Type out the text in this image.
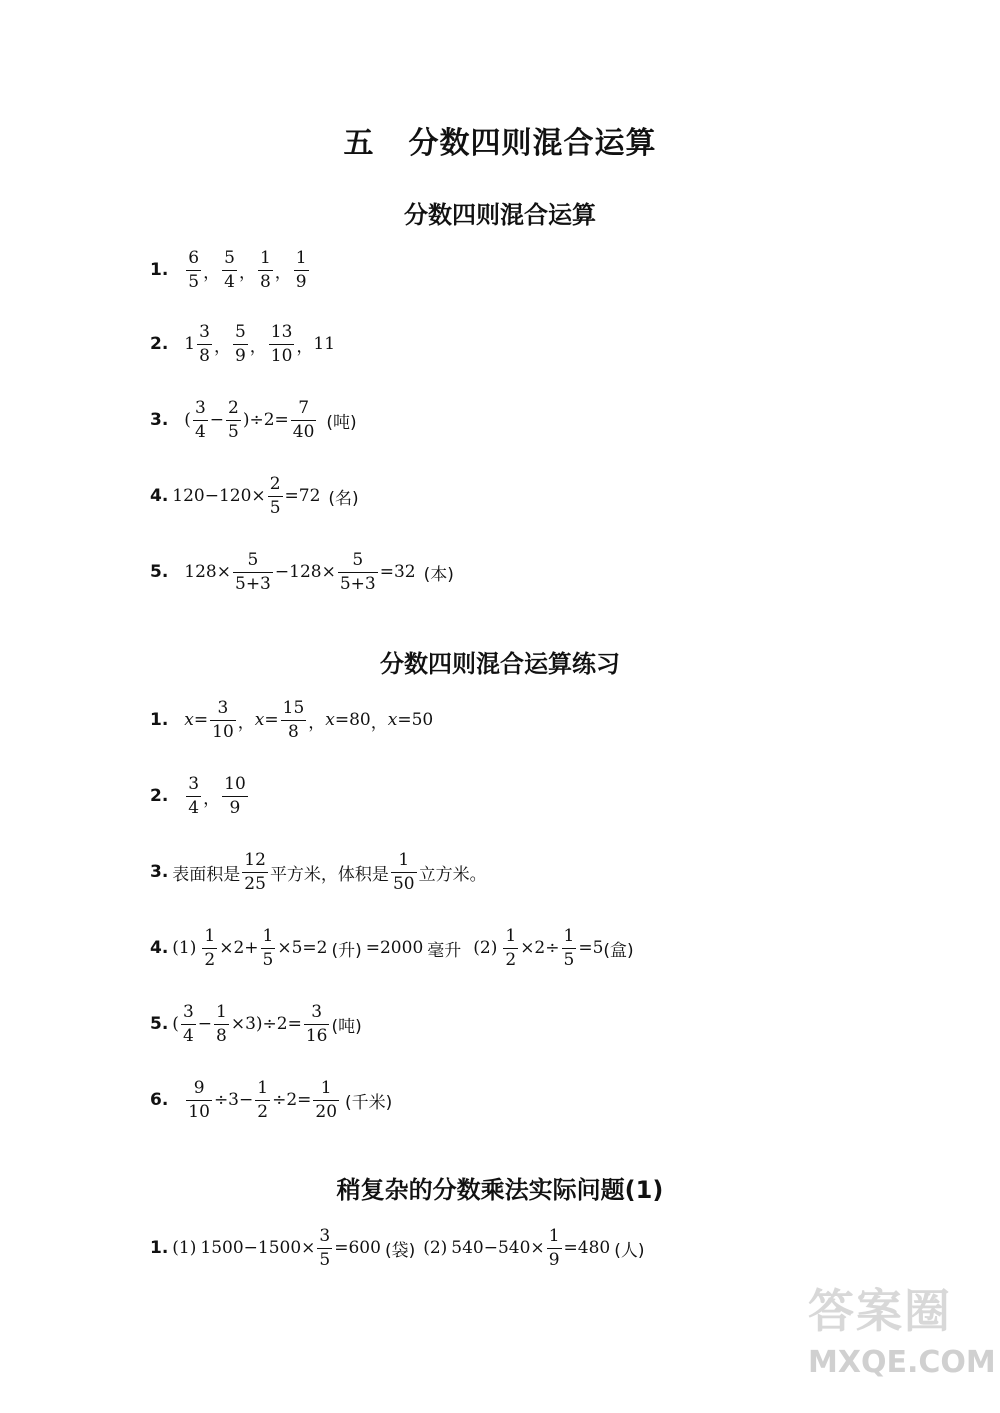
五 分数四则混合运算
分数四则混合运算
1. $\frac{6}{5}$ ， $\frac{5}{4}$ ， $\frac{1}{8}$ ， $\frac{1}{9}$
2. $1 \frac{3}{8}$ ， $\frac{5}{9}$ ， $\frac{13}{10}$ ， 11
3. ( $\frac{3}{4} - \frac{2}{5} )\div 2= \frac{7}{40}$ (吨)
4. $120-120\times \frac{2}{5} =72$ (名)
5. $128\times \frac{5}{5+3} -128\times \frac{5}{5+3} =32$ (本)
分数四则混合运算练习
1. $x = \frac{3}{10}$ ， $x = \frac{15}{8}$ ， x = 80 ， x = 50
2. $\frac{3}{4}$ ， $\frac{10}{9}$
3. 表面积是 $\frac{12}{25}$ 平方米，体积是 $\frac{1}{50}$ 立方米。
4. $(1) \frac{1}{2} \times 2+ \frac{1}{5} \times 5=2$ (升) =2000 毫升 $(2) \frac{1}{2} \times 2\div \frac{1}{5} =5$ (盒)
5. ( $\frac{3}{4} - \frac{1}{8} \times 3)\div 2= \frac{3}{16}$ (吨)
6. $\frac{9}{10} \div 3- \frac{1}{2} \div 2= \frac{1}{20}$ (千米)
稍复杂的分数乘法实际问题(1)
1. (1) $1500-1500\times \frac{3}{5} =600$ (袋) (2) $540-540\times \frac{1}{9} =480$ (人)
答案圈
MXQE.COM
